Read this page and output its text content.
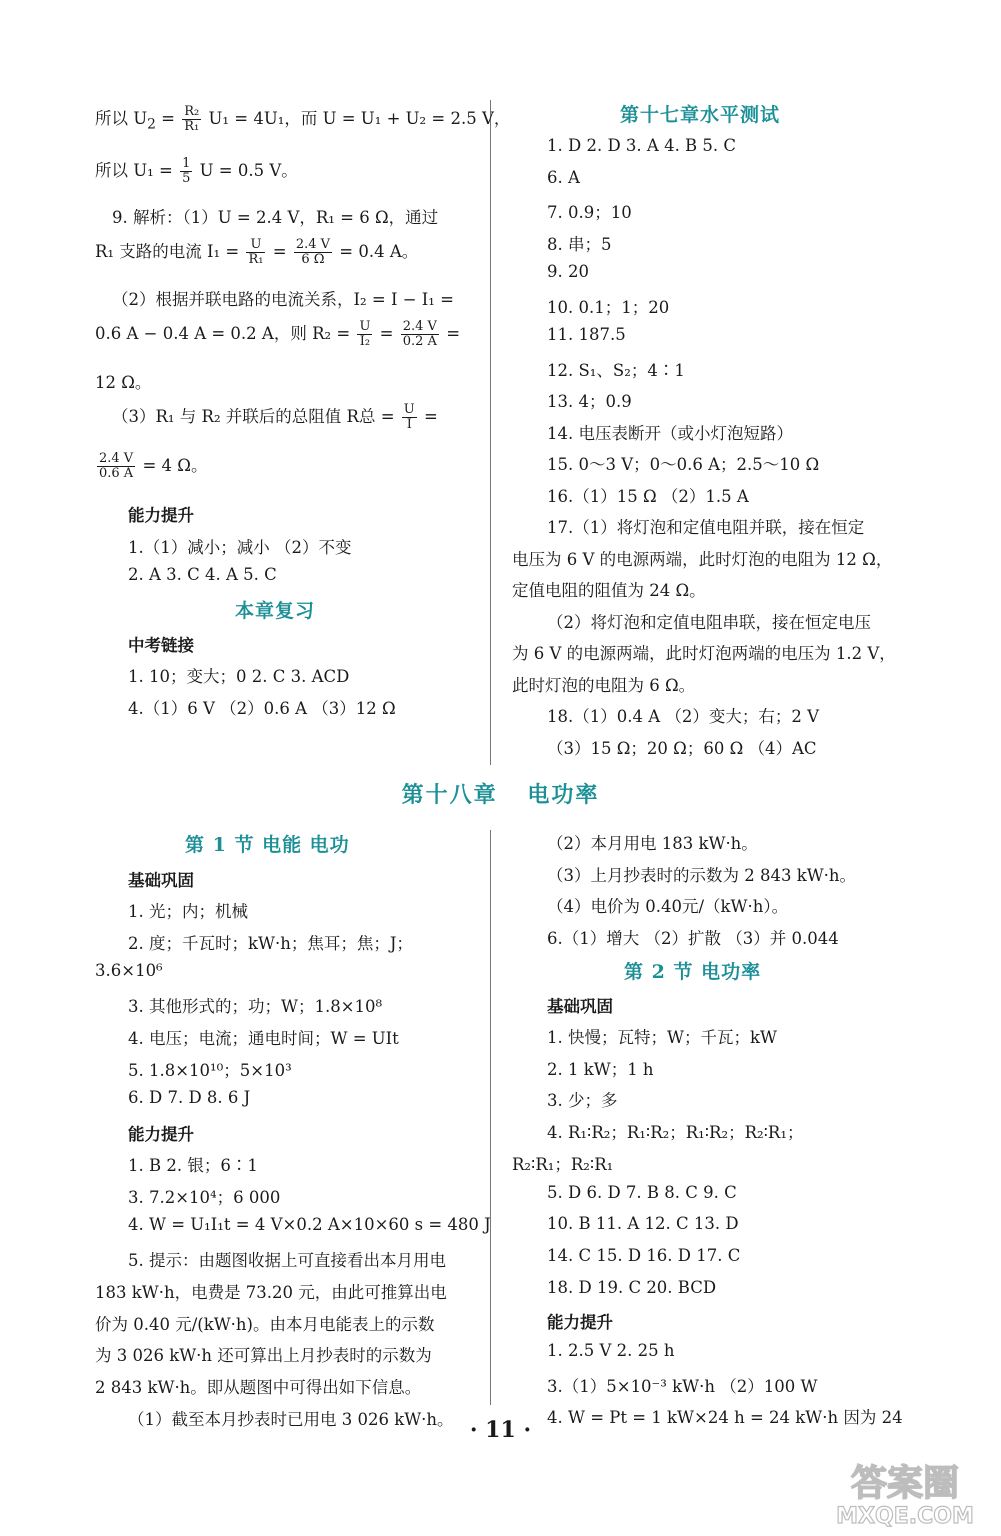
所以 $U_2 = \frac{\text{R₂}}{\text{R₁}} U_1 = 4U_1$，而 U = U₁ + U₂ = 2.5 V，
所以 $U_1 = \frac{1}{5}$ U = 0.5 V。
9. 解析：（1）U = 2.4 V，R₁ = 6 Ω，通过
R₁ 支路的电流 $I_1 = \frac{U}{\text{R₁}} = \frac{2.4 V}{6 \Omega} = 0.4$ A。
（2）根据并联电路的电流关系，I₂ = I − I₁ =
0.6 A − 0.4 A = 0.2 A，则 $R_2 = \frac{U}{\text{I₂}} = \frac{2.4 V}{0.2 A}$ =
12 Ω。
（3）R₁ 与 R₂ 并联后的总阻值 R总 = $\frac{U}{I}$ =
$\frac{2.4 V}{0.6 A} = 4$ Ω。
能力提升
1.（1）减小；减小 （2）不变
2. A 3. C 4. A 5. C
本章复习
中考链接
1. 10；变大；0 2. C 3. ACD
4.（1）6 V （2）0.6 A （3）12 Ω
第十七章水平测试
1. D 2. D 3. A 4. B 5. C
6. A
7. 0.9；10
8. 串；5
9. 20
10. 0.1；1；20
11. 187.5
12. S₁、S₂；4∶1
13. 4；0.9
14. 电压表断开（或小灯泡短路）
15. 0～3 V；0～0.6 A；2.5～10 Ω
16.（1）15 Ω （2）1.5 A
17.（1）将灯泡和定值电阻并联，接在恒定
电压为 6 V 的电源两端，此时灯泡的电阻为 12 Ω，
定值电阻的阻值为 24 Ω。
（2）将灯泡和定值电阻串联，接在恒定电压
为 6 V 的电源两端，此时灯泡两端的电压为 1.2 V，
此时灯泡的电阻为 6 Ω。
18.（1）0.4 A （2）变大；右；2 V
（3）15 Ω；20 Ω；60 Ω （4）AC
第十八章 电功率
第 1 节 电能 电功
基础巩固
能力提升
1. 光；内；机械
2. 度；千瓦时；kW·h；焦耳；焦；J；
3.6×10⁶
3. 其他形式的；功；W；1.8×10⁸
4. 电压；电流；通电时间；W = UIt
5. 1.8×10¹⁰；5×10³
6. D 7. D 8. 6 J
1. B 2. 银；6∶1
3. 7.2×10⁴；6 000
4. W = U₁I₁t = 4 V×0.2 A×10×60 s = 480 J
5. 提示：由题图收据上可直接看出本月用电
183 kW·h，电费是 73.20 元，由此可推算出电
价为 0.40 元/(kW·h)。由本月电能表上的示数
为 3 026 kW·h 还可算出上月抄表时的示数为
2 843 kW·h。即从题图中可得出如下信息。
（1）截至本月抄表时已用电 3 026 kW·h。
第 2 节 电功率
基础巩固
能力提升
（2）本月用电 183 kW·h。
（3）上月抄表时的示数为 2 843 kW·h。
（4）电价为 0.40元/（kW·h）。
6.（1）增大 （2）扩散 （3）并 0.044
1. 快慢；瓦特；W；千瓦；kW
2. 1 kW；1 h
3. 少；多
4. R₁∶R₂；R₁∶R₂；R₁∶R₂；R₂∶R₁；
R₂∶R₁；R₂∶R₁
5. D 6. D 7. B 8. C 9. C
10. B 11. A 12. C 13. D
14. C 15. D 16. D 17. C
18. D 19. C 20. BCD
1. 2.5 V 2. 25 h
3.（1）5×10⁻³ kW·h （2）100 W
4. W = Pt = 1 kW×24 h = 24 kW·h 因为 24
· 11 ·
答案圈
MXQE.COM
